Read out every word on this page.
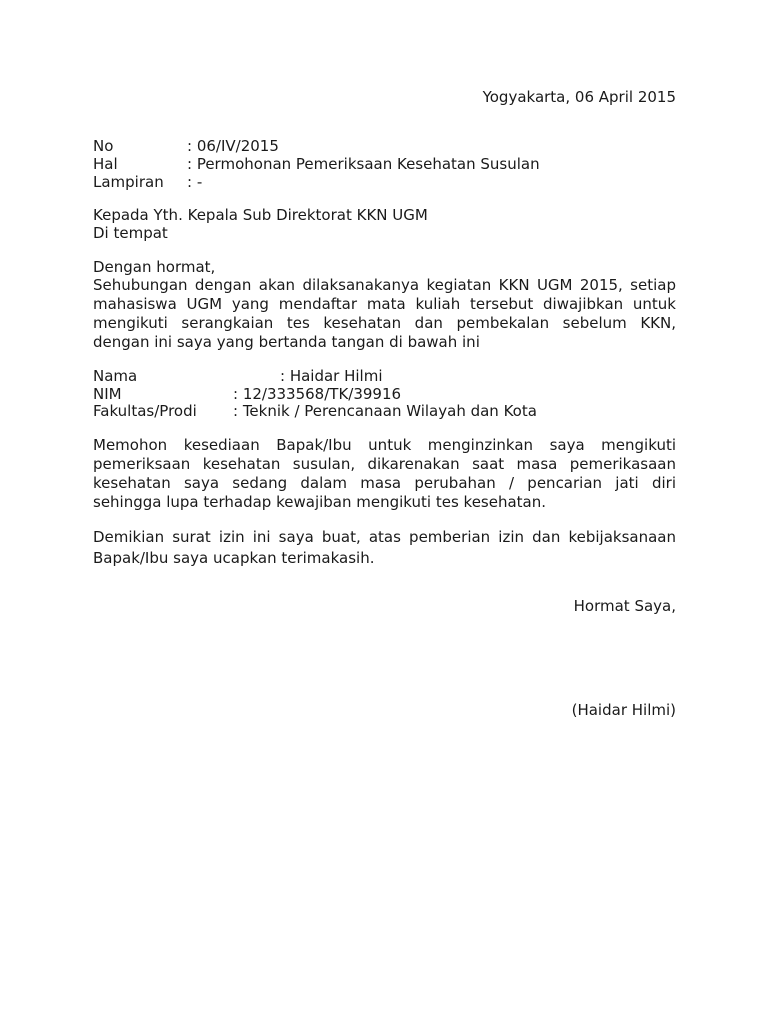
Yogyakarta, 06 April 2015
No	: 06/IV/2015
Hal	: Permohonan Pemeriksaan Kesehatan Susulan
Lampiran : -
Kepada Yth. Kepala Sub Direktorat KKN UGM
Di tempat
Dengan hormat,
Sehubungan dengan akan dilaksanakanya kegiatan KKN UGM 2015, setiap
mahasiswa UGM yang mendaftar mata kuliah tersebut diwajibkan untuk
mengikuti serangkaian tes kesehatan dan pembekalan sebelum KKN,
dengan ini saya yang bertanda tangan di bawah ini
Nama	: Haidar Hilmi
NIM	: 12/333568/TK/39916
Fakultas/Prodi : Teknik / Perencanaan Wilayah dan Kota
Memohon kesediaan Bapak/Ibu untuk menginzinkan saya mengikuti
pemeriksaan kesehatan susulan, dikarenakan saat masa pemerikasaan
kesehatan saya sedang dalam masa perubahan / pencarian jati diri
sehingga lupa terhadap kewajiban mengikuti tes kesehatan.
Demikian surat izin ini saya buat, atas pemberian izin dan kebijaksanaan
Bapak/Ibu saya ucapkan terimakasih.
Hormat Saya,
(Haidar Hilmi)
